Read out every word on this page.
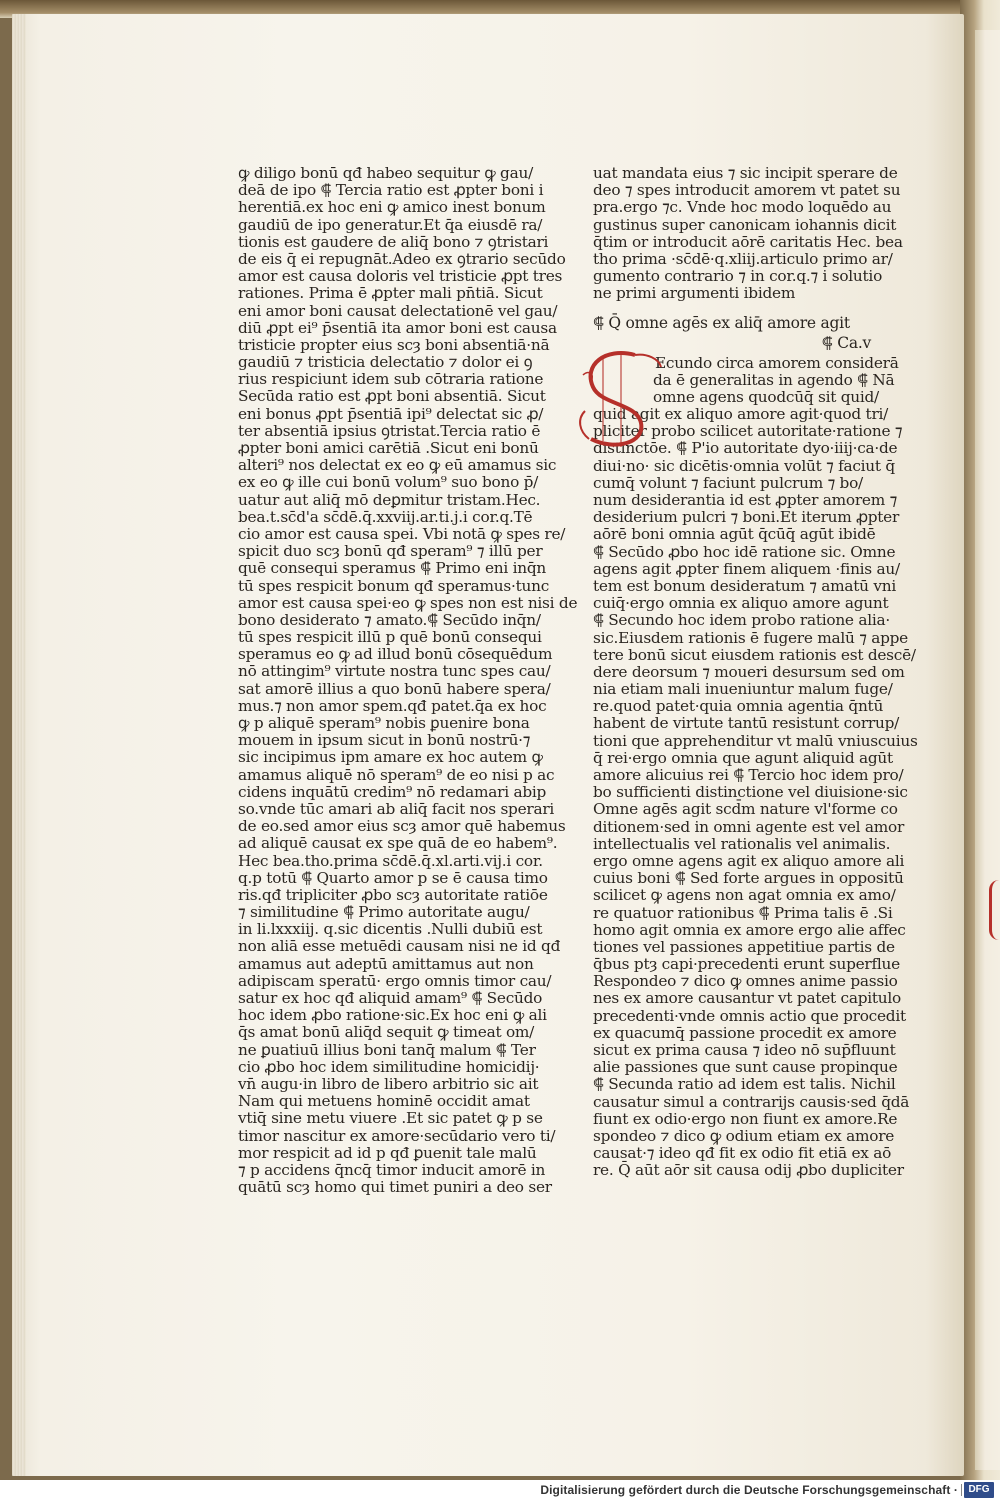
ꝙ diligo bonū qđ habeo sequitur ꝙ gau/
deā de ipo ⸿ Tercia ratio est ꝓpter boni i
herentiā.ex hoc eni ꝙ amico inest bonum
gaudiū de ipo generatur.Et q̄a eiusdē ra/
tionis est gaudere de aliq̄ bono ⁊ ꝯtristari
de eis q̄ ei repugnāt.Adeo ex ꝯtrario secūdo
amor est causa doloris vel tristicie ꝓpt tres
rationes. Prima ē ꝓpter mali pn̄tiā. Sicut
eni amor boni causat delectationē vel gau/
diū ꝓpt ei⁹ p̄sentiā ita amor boni est causa
tristicie propter eius scȝ boni absentiā·nā
gaudiū ⁊ tristicia delectatio ⁊ dolor ei ꝯ
rius respiciunt idem sub cōtraria ratione
Secūda ratio est ꝓpt boni absentiā. Sicut
eni bonus ꝓpt p̄sentiā ipi⁹ delectat sic ꝓ/
ter absentiā ipsius ꝯtristat.Tercia ratio ē
ꝓpter boni amici carētiā .Sicut eni bonū
alteri⁹ nos delectat ex eo ꝙ eū amamus sic
ex eo ꝙ ille cui bonū volum⁹ suo bono p̄/
uatur aut aliq̄ mō deꝑmitur tristam.Hec.
bea.t.sc̄d'a sc̄dē.q̄.xxviij.ar.ti.j.i cor.q.Tē
cio amor est causa spei. Vbi notā ꝙ spes re/
spicit duo scȝ bonū qđ speram⁹ ⁊ illū per
quē consequi speramus ⸿ Primo eni inq̄n
tū spes respicit bonum qđ speramus·tunc
amor est causa spei·eo ꝙ spes non est nisi de
bono desiderato ⁊ amato.⸿ Secūdo inq̄n/
tū spes respicit illū p quē bonū consequi
speramus eo ꝙ ad illud bonū cōsequēdum
nō attingim⁹ virtute nostra tunc spes cau/
sat amorē illius a quo bonū habere spera/
mus.⁊ non amor spem.qđ patet.q̄a ex hoc
ꝙ p aliquē speram⁹ nobis ꝑuenire bona
mouem in ipsum sicut in bonū nostrū·⁊
sic incipimus ipm amare ex hoc autem ꝙ
amamus aliquē nō speram⁹ de eo nisi p ac
cidens inquātū credim⁹ nō redamari abip
so.vnde tūc amari ab aliq̄ facit nos sperari
de eo.sed amor eius scȝ amor quē habemus
ad aliquē causat ex spe quā de eo habem⁹.
Hec bea.tho.prima sc̄dē.q̄.xl.arti.vij.i cor.
q.p totū ⸿ Quarto amor p se ē causa timo
ris.qđ tripliciter ꝓbo scȝ autoritate ratiōe
⁊ similitudine ⸿ Primo autoritate augu/
in li.lxxxiij. q.sic dicentis .Nulli dubiū est
non aliā esse metuēdi causam nisi ne id qđ
amamus aut adeptū amittamus aut non
adipiscam speratū· ergo omnis timor cau/
satur ex hoc qđ aliquid amam⁹ ⸿ Secūdo
hoc idem ꝓbo ratione·sic.Ex hoc eni ꝙ ali
q̄s amat bonū aliq̄d sequit ꝙ timeat om/
ne ꝑuatiuū illius boni tanq̄ malum ⸿ Ter
cio ꝓbo hoc idem similitudine homicidij·
vn̄ augu·in libro de libero arbitrio sic ait
Nam qui metuens hominē occidit amat
vtiq̄ sine metu viuere .Et sic patet ꝙ p se
timor nascitur ex amore·secūdario vero ti/
mor respicit ad id p qđ ꝑuenit tale malū
⁊ p accidens q̄ncq̄ timor inducit amorē in
quātū scȝ homo qui timet puniri a deo ser
uat mandata eius ⁊ sic incipit sperare de
deo ⁊ spes introducit amorem vt patet su
pra.ergo ⁊c. Vnde hoc modo loquēdo au
gustinus super canonicam iohannis dicit
q̄tim or introducit aōrē caritatis Hec. bea
tho prima ·sc̄dē·q.xliij.articulo primo ar/
gumento contrario ⁊ in cor.q.⁊ i solutio
ne primi argumenti ibidem
⸿ Q̄ omne agēs ex aliq̄ amore agit
⸿ Ca.v
Ecundo circa amorem considerā
da ē generalitas in agendo ⸿ Nā
omne agens quodcūq̄ sit quid/
quid agit ex aliquo amore agit·quod tri/
pliciter probo scilicet autoritate·ratione ⁊
distinctōe. ⸿ P'io autoritate dyo·iiij·ca·de
diui·no· sic dicētis·omnia volūt ⁊ faciut q̄
cumq̄ volunt ⁊ faciunt pulcrum ⁊ bo/
num desiderantia id est ꝓpter amorem ⁊
desiderium pulcri ⁊ boni.Et iterum ꝓpter
aōrē boni omnia agūt q̄cūq̄ agūt ibidē
⸿ Secūdo ꝓbo hoc idē ratione sic. Omne
agens agit ꝓpter finem aliquem ·finis au/
tem est bonum desideratum ⁊ amatū vni
cuiq̄·ergo omnia ex aliquo amore agunt
⸿ Secundo hoc idem probo ratione alia·
sic.Eiusdem rationis ē fugere malū ⁊ appe
tere bonū sicut eiusdem rationis est descē/
dere deorsum ⁊ moueri desursum sed om
nia etiam mali inueniuntur malum fuge/
re.quod patet·quia omnia agentia q̄ntū
habent de virtute tantū resistunt corrup/
tioni que apprehenditur vt malū vniuscuius
q̄ rei·ergo omnia que agunt aliquid agūt
amore alicuius rei ⸿ Tercio hoc idem pro/
bo sufficienti distinctione vel diuisione·sic
Omne agēs agit scd̄m nature vl'forme co
ditionem·sed in omni agente est vel amor
intellectualis vel rationalis vel animalis.
ergo omne agens agit ex aliquo amore ali
cuius boni ⸿ Sed forte argues in oppositū
scilicet ꝙ agens non agat omnia ex amo/
re quatuor rationibus ⸿ Prima talis ē .Si
homo agit omnia ex amore ergo alie affec
tiones vel passiones appetitiue partis de
q̄bus ptȝ capi·precedenti erunt superflue
Respondeo ⁊ dico ꝙ omnes anime passio
nes ex amore causantur vt patet capitulo
precedenti·vnde omnis actio que procedit
ex quacumq̄ passione procedit ex amore
sicut ex prima causa ⁊ ideo nō sup̄fluunt
alie passiones que sunt cause propinque
⸿ Secunda ratio ad idem est talis. Nichil
causatur simul a contrarijs causis·sed q̄dā
fiunt ex odio·ergo non fiunt ex amore.Re
spondeo ⁊ dico ꝙ odium etiam ex amore
causat·⁊ ideo qđ fit ex odio fit etiā ex aō
re. Q̄ aūt aōr sit causa odij ꝓbo dupliciter
S
Digitalisierung gefördert durch die Deutsche Forschungsgemeinschaft ·	DFG
